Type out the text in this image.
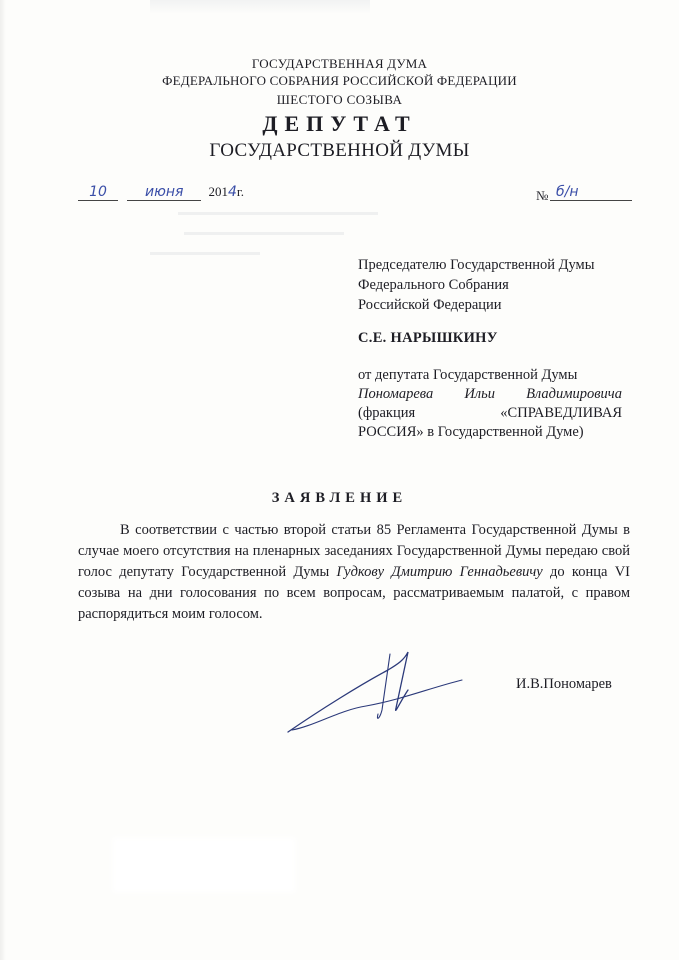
ГОСУДАРСТВЕННАЯ ДУМА
ФЕДЕРАЛЬНОГО СОБРАНИЯ РОССИЙСКОЙ ФЕДЕРАЦИИ
ШЕСТОГО СОЗЫВА
ДЕПУТАТ
ГОСУДАРСТВЕННОЙ ДУМЫ
10	июня 2014г.	№ б/н
Председателю Государственной Думы
Федерального Собрания
Российской Федерации
С.Е. НАРЫШКИНУ
от депутата Государственной Думы
Пономарева Ильи Владимировича
(фракция	«СПРАВЕДЛИВАЯ
РОССИЯ» в Государственной Думе)
ЗАЯВЛЕНИЕ
В соответствии с частью второй статьи 85 Регламента Государственной Думы в случае моего отсутствия на пленарных заседаниях Государственной Думы передаю свой голос депутату Государственной Думы Гудкову Дмитрию Геннадьевичу до конца VI созыва на дни голосования по всем вопросам, рассматриваемым палатой, с правом распорядиться моим голосом.
И.В.Пономарев
